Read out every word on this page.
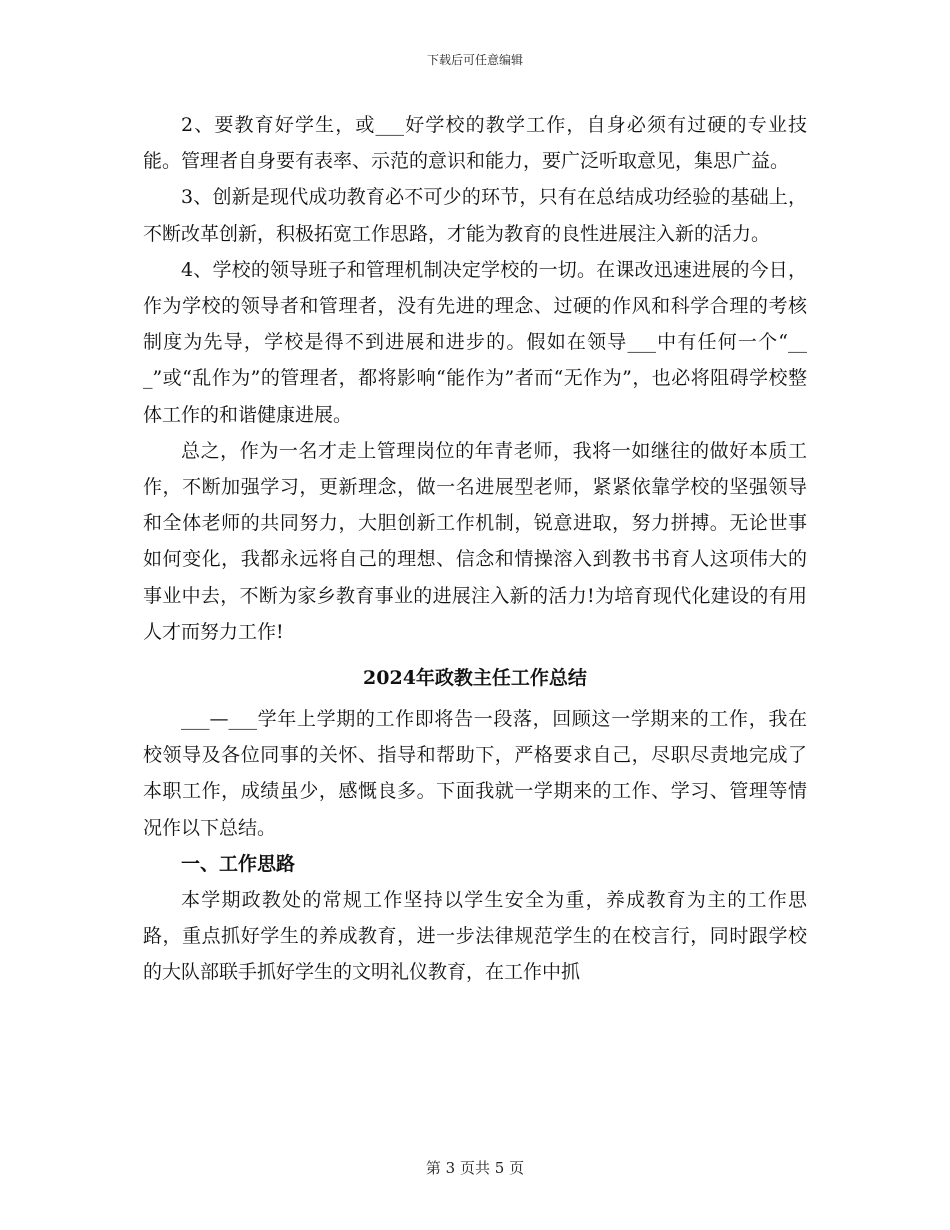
下载后可任意编辑

2、要教育好学生，或___好学校的教学工作，自身必须有过硬的专业技能。管理者自身要有表率、示范的意识和能力，要广泛听取意见，集思广益。

3、创新是现代成功教育必不可少的环节，只有在总结成功经验的基础上，不断改革创新，积极拓宽工作思路，才能为教育的良性进展注入新的活力。

4、学校的领导班子和管理机制决定学校的一切。在课改迅速进展的今日，作为学校的领导者和管理者，没有先进的理念、过硬的作风和科学合理的考核制度为先导，学校是得不到进展和进步的。假如在领导___中有任何一个“___”或“乱作为”的管理者，都将影响“能作为”者而“无作为”，也必将阻碍学校整体工作的和谐健康进展。

总之，作为一名才走上管理岗位的年青老师，我将一如继往的做好本质工作，不断加强学习，更新理念，做一名进展型老师，紧紧依靠学校的坚强领导和全体老师的共同努力，大胆创新工作机制，锐意进取，努力拼搏。无论世事如何变化，我都永远将自己的理想、信念和情操溶入到教书书育人这项伟大的事业中去，不断为家乡教育事业的进展注入新的活力!为培育现代化建设的有用人才而努力工作!

2024年政教主任工作总结

___—___学年上学期的工作即将告一段落，回顾这一学期来的工作，我在校领导及各位同事的关怀、指导和帮助下，严格要求自己，尽职尽责地完成了本职工作，成绩虽少，感慨良多。下面我就一学期来的工作、学习、管理等情况作以下总结。

一、工作思路

本学期政教处的常规工作坚持以学生安全为重，养成教育为主的工作思路，重点抓好学生的养成教育，进一步法律规范学生的在校言行，同时跟学校的大队部联手抓好学生的文明礼仪教育，在工作中抓

第 3 页共 5 页
